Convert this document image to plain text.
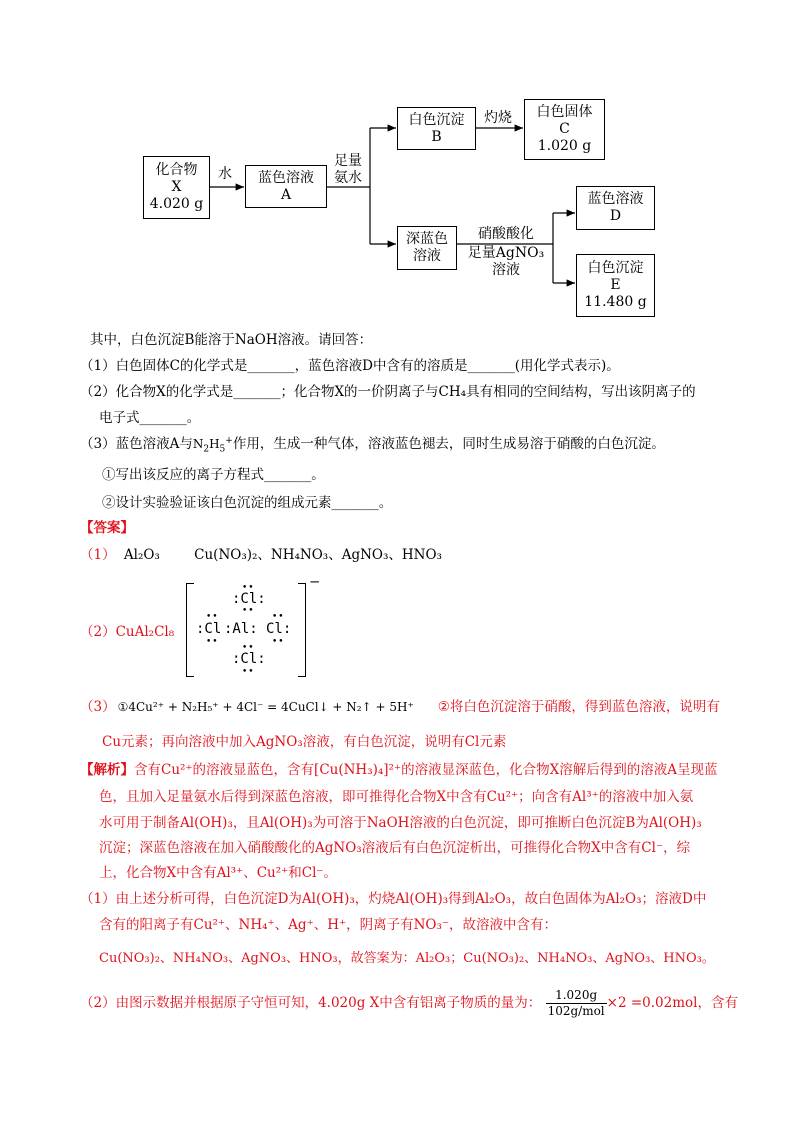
化合物
X
4.020 g
水	蓝色溶液
A
足量
氨水
白色沉淀
B
灼烧	白色固体
C
1.020 g
深蓝色
溶液
硝酸酸化
足量AgNO₃
溶液
蓝色溶液
D
白色沉淀
E
11.480 g
其中，白色沉淀B能溶于NaOH溶液。请回答：
（1）白色固体C的化学式是_______，蓝色溶液D中含有的溶质是_______(用化学式表示)。
（2）化合物X的化学式是_______；化合物X的一价阴离子与CH₄具有相同的空间结构，写出该阴离子的
电子式_______。
（3）蓝色溶液A与$N_2H_5^+$作用，生成一种气体，溶液蓝色褪去，同时生成易溶于硝酸的白色沉淀。
①写出该反应的离子方程式_______。
②设计实验验证该白色沉淀的组成元素_______。
【答案】
（1） Al₂O₃	Cu(NO₃)₂、NH₄NO₃、AgNO₃、HNO₃
（2）CuAl₂Cl₈
:Cl:
••
••
:Cl
••
••
:Al: Cl:
••
••
:Cl:
••
••
−
（3） ①4Cu²⁺ + N₂H₅⁺ + 4Cl⁻ = 4CuCl↓ + N₂↑ + 5H⁺ ②将白色沉淀溶于硝酸，得到蓝色溶液，说明有
Cu元素；再向溶液中加入AgNO₃溶液，有白色沉淀，说明有Cl元素
【解析】含有Cu²⁺的溶液显蓝色，含有[Cu(NH₃)₄]²⁺的溶液显深蓝色，化合物X溶解后得到的溶液A呈现蓝
色，且加入足量氨水后得到深蓝色溶液，即可推得化合物X中含有Cu²⁺；向含有Al³⁺的溶液中加入氨
水可用于制备Al(OH)₃，且Al(OH)₃为可溶于NaOH溶液的白色沉淀，即可推断白色沉淀B为Al(OH)₃
沉淀；深蓝色溶液在加入硝酸酸化的AgNO₃溶液后有白色沉淀析出，可推得化合物X中含有Cl⁻，综
上，化合物X中含有Al³⁺、Cu²⁺和Cl⁻。
（1）由上述分析可得，白色沉淀D为Al(OH)₃，灼烧Al(OH)₃得到Al₂O₃，故白色固体为Al₂O₃；溶液D中
含有的阳离子有Cu²⁺、NH₄⁺、Ag⁺、H⁺，阴离子有NO₃⁻，故溶液中含有：
Cu(NO₃)₂、NH₄NO₃、AgNO₃、HNO₃，故答案为：Al₂O₃；Cu(NO₃)₂、NH₄NO₃、AgNO₃、HNO₃。
（2）由图示数据并根据原子守恒可知，4.020g X中含有铝离子物质的量为： $\frac{1.020g}{\text{102g/mol}} \times 2 =0.02mol$，含有
